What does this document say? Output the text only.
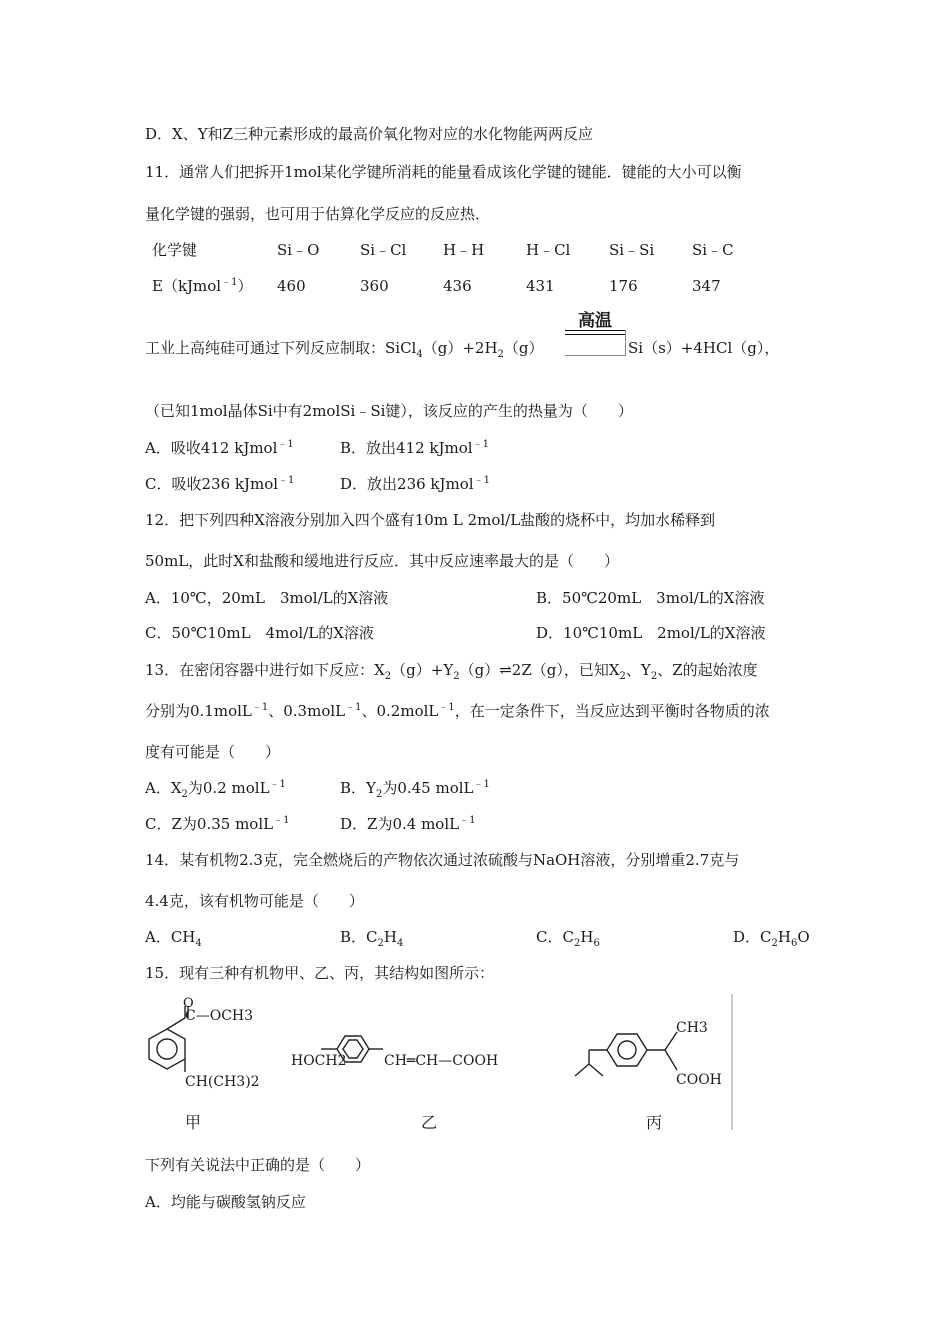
D．X、Y和Z三种元素形成的最高价氧化物对应的水化物能两两反应
11．通常人们把拆开1mol某化学键所消耗的能量看成该化学键的键能．键能的大小可以衡
量化学键的强弱，也可用于估算化学反应的反应热．
化学键	Si﹣O	Si﹣Cl H﹣H	H﹣Cl	Si﹣Si	Si﹣C
E（kJmol$^{﹣1}$） 460	360	436	431	176	347
工业上高纯硅可通过下列反应制取：$SiCl_4(g)+2H_2(g)$
高温
Si（s）+4HCl（g），
（已知1mol晶体Si中有2molSi﹣Si键），该反应的产生的热量为（　　）
A．吸收412 kJmol$^{﹣1}$	B．放出412 kJmol$^{﹣1}$
C．吸收236 kJmol$^{﹣1}$	D．放出236 kJmol$^{﹣1}$
12．把下列四种X溶液分别加入四个盛有10m L 2mol/L盐酸的烧杯中，均加水稀释到
50mL，此时X和盐酸和缓地进行反应．其中反应速率最大的是（　　）
A．10℃，20mL　3mol/L的X溶液	B．50℃20mL　3mol/L的X溶液
C．50℃10mL　4mol/L的X溶液	D．10℃10mL　2mol/L的X溶液
13．在密闭容器中进行如下反应：$X_2(g)+Y_2(g)\rightleftharpoons 2Z(g)$，已知$X_2$、$Y_2$、Z的起始浓度
分别为0.1molL$^{﹣1}$、0.3molL$^{﹣1}$、0.2molL$^{﹣1}$，在一定条件下，当反应达到平衡时各物质的浓
度有可能是（　　）
A．$X_2$为0.2 molL$^{﹣1}$	B．$Y_2$为0.45 molL$^{﹣1}$
C．Z为0.35 molL$^{﹣1}$	D．Z为0.4 molL$^{﹣1}$
14．某有机物2.3克，完全燃烧后的产物依次通过浓硫酸与NaOH溶液，分别增重2.7克与
4.4克，该有机物可能是（　　）
A．$CH_4$	B．$C_2H_4$	C．$C_2H_6$	D．$C_2H_6O$
15．现有三种有机物甲、乙、丙，其结构如图所示：
O
C—OCH3
CH(CH3)2
HOCH2	CH═CH—COOH
CH3
COOH
甲	乙	丙
下列有关说法中正确的是（　　）
A．均能与碳酸氢钠反应
